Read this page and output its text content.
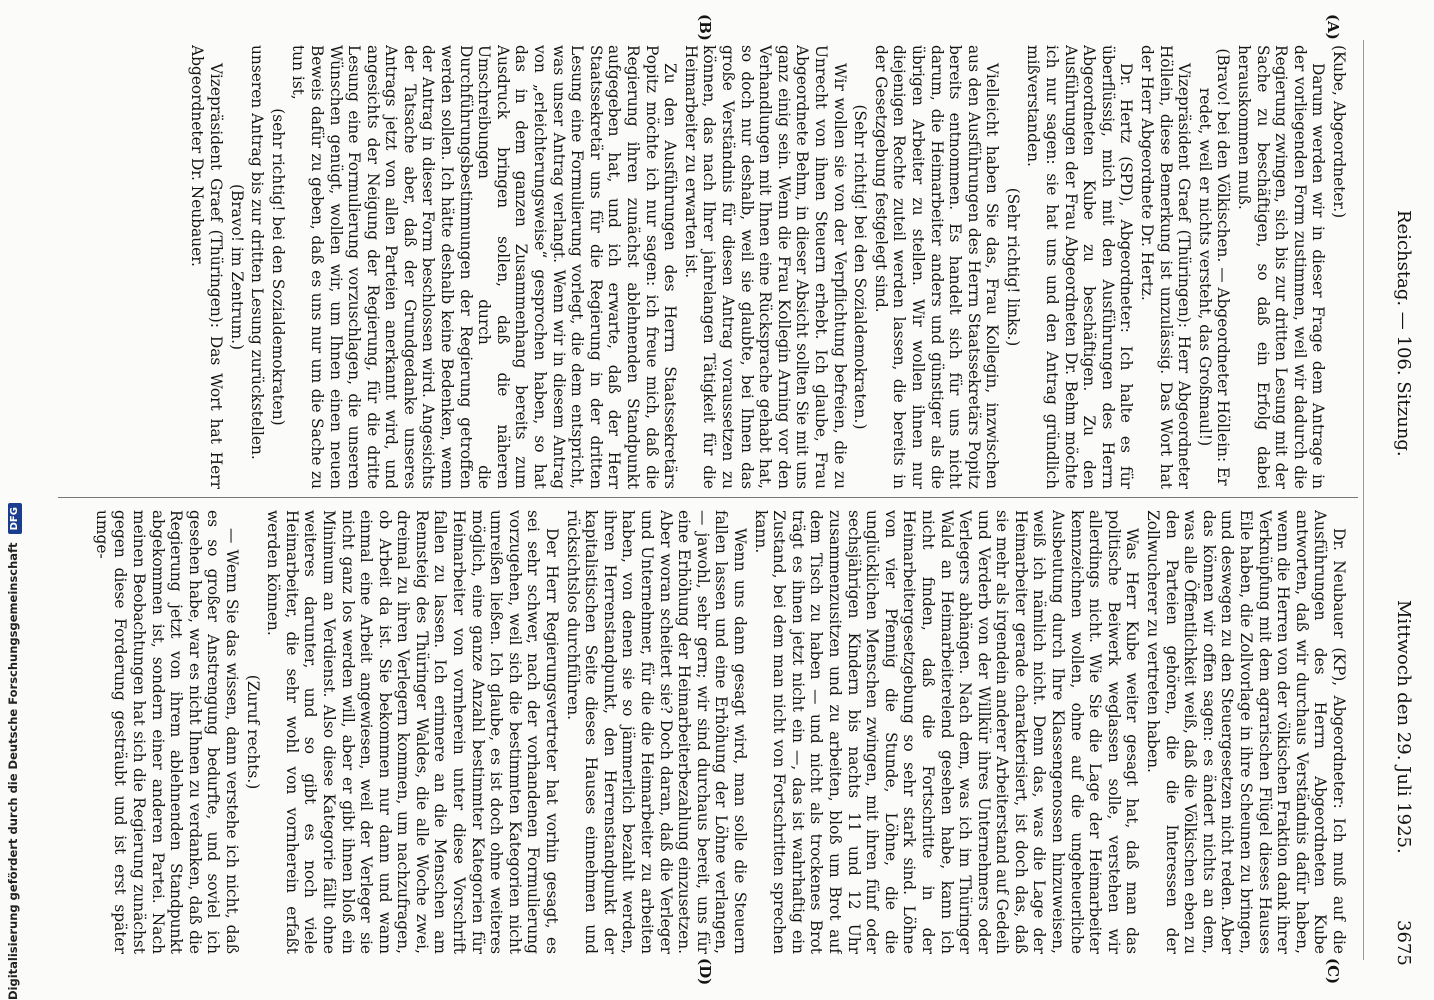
Reichstag. — 106. Sitzung.
Mittwoch den 29. Juli 1925.
3675
(A)
(B)
(C)
(D)

(Kube, Abgeordneter.)

Darum werden wir in dieser Frage dem Antrage in der vorliegenden Form zustimmen, weil wir dadurch die Regierung zwingen, sich bis zur dritten Lesung mit der Sache zu beschäftigen, so daß ein Erfolg dabei herauskommen muß.

(Bravo! bei den Völkischen. — Abgeordneter Höllein: Er redet, weil er nichts versteht, das Großmaul!)

Vizepräsident Graef (Thüringen): Herr Abgeordneter Höllein, diese Bemerkung ist unzulässig. Das Wort hat der Herr Abgeordnete Dr. Hertz.

Dr. Hertz (SPD), Abgeordneter: Ich halte es für überflüssig, mich mit den Ausführungen des Herrn Abgeordneten Kube zu beschäftigen. Zu den Ausführungen der Frau Abgeordneten Dr. Behm möchte ich nur sagen: sie hat uns und den Antrag gründlich mißverstanden.

(Sehr richtig! links.)

Vielleicht haben Sie das, Frau Kollegin, inzwischen aus den Ausführungen des Herrn Staatssekretärs Popitz bereits entnommen. Es handelt sich für uns nicht darum, die Heimarbeiter anders und günstiger als die übrigen Arbeiter zu stellen. Wir wollen ihnen nur diejenigen Rechte zuteil werden lassen, die bereits in der Gesetzgebung festgelegt sind.

(Sehr richtig! bei den Sozialdemokraten.)

Wir wollen sie von der Verpflichtung befreien, die zu Unrecht von ihnen Steuern erhebt. Ich glaube, Frau Abgeordnete Behm, in dieser Absicht sollten Sie mit uns ganz einig sein. Wenn die Frau Kollegin Arning vor den Verhandlungen mit Ihnen eine Rücksprache gehabt hat, so doch nur deshalb, weil sie glaubte, bei Ihnen das große Verständnis für diesen Antrag voraussetzen zu können, das nach Ihrer jahrelangen Tätigkeit für die Heimarbeiter zu erwarten ist.

Zu den Ausführungen des Herrn Staatssekretärs Popitz möchte ich nur sagen: ich freue mich, daß die Regierung ihren zunächst ablehnenden Standpunkt aufgegeben hat, und ich erwarte, daß der Herr Staatssekretär uns für die Regierung in der dritten Lesung eine Formulierung vorlegt, die dem entspricht, was unser Antrag verlangt. Wenn wir in diesem Antrag von „erleichterungsweise“ gesprochen haben, so hat das in dem ganzen Zusammenhang bereits zum Ausdruck bringen sollen, daß die näheren Umschreibungen durch die Durchführungsbestimmungen der Regierung getroffen werden sollen. Ich hätte deshalb keine Bedenken, wenn der Antrag in dieser Form beschlossen wird. Angesichts der Tatsache aber, daß der Grundgedanke unseres Antrags jetzt von allen Parteien anerkannt wird, und angesichts der Neigung der Regierung, für die dritte Lesung eine Formulierung vorzuschlagen, die unseren Wünschen genügt, wollen wir, um Ihnen einen neuen Beweis dafür zu geben, daß es uns nur um die Sache zu tun ist,

(sehr richtig! bei den Sozialdemokraten)

unseren Antrag bis zur dritten Lesung zurückstellen.

(Bravo! im Zentrum.)

Vizepräsident Graef (Thüringen): Das Wort hat Herr Abgeordneter Dr. Neubauer.

Dr. Neubauer (KP), Abgeordneter: Ich muß auf die Ausführungen des Herrn Abgeordneten Kube antworten, daß wir durchaus Verständnis dafür haben, wenn die Herren von der völkischen Fraktion dank ihrer Verknüpfung mit dem agrarischen Flügel dieses Hauses Eile haben, die Zollvorlage in ihre Scheunen zu bringen, und deswegen zu den Steuergesetzen nicht reden. Aber das können wir offen sagen: es ändert nichts an dem, was alle Öffentlichkeit weiß, daß die Völkischen eben zu den Parteien gehören, die die Interessen der Zollwucherer zu vertreten haben.

Was Herr Kube weiter gesagt hat, daß man das politische Beiwerk weglassen solle, verstehen wir allerdings nicht. Wie Sie die Lage der Heimarbeiter kennzeichnen wollen, ohne auf die ungeheuerliche Ausbeutung durch Ihre Klassengenossen hinzuweisen, weiß ich nämlich nicht. Denn das, was die Lage der Heimarbeiter gerade charakterisiert, ist doch das, daß sie mehr als irgendein anderer Arbeiterstand auf Gedeih und Verderb von der Willkür ihres Unternehmers oder Verlegers abhängen. Nach dem, was ich im Thüringer Wald an Heimarbeiterelend gesehen habe, kann ich nicht finden, daß die Fortschritte in der Heimarbeitergesetzgebung so sehr stark sind. Löhne von vier Pfennig die Stunde, Löhne, die die unglücklichen Menschen zwingen, mit ihren fünf oder sechsjährigen Kindern bis nachts 11 und 12 Uhr zusammenzusitzen und zu arbeiten, bloß um Brot auf dem Tisch zu haben — und nicht als trockenes Brot trägt es ihnen jetzt nicht ein —, das ist wahrhaftig ein Zustand, bei dem man nicht von Fortschritten sprechen kann.

Wenn uns dann gesagt wird, man solle die Steuern fallen lassen und eine Erhöhung der Löhne verlangen, — jawohl, sehr gern; wir sind durchaus bereit, uns für eine Erhöhung der Heimarbeiterbezahlung einzusetzen. Aber woran scheitert sie? Doch daran, daß die Verleger und Unternehmer, für die die Heimarbeiter zu arbeiten haben, von denen sie so jämmerlich bezahlt werden, ihren Herrenstandpunkt, den Herrenstandpunkt der kapitalistischen Seite dieses Hauses einnehmen und rücksichtslos durchführen.

Der Herr Regierungsvertreter hat vorhin gesagt, es sei sehr schwer, nach der vorhandenen Formulierung vorzugehen, weil sich die bestimmten Kategorien nicht umreißen ließen. Ich glaube, es ist doch ohne weiteres möglich, eine ganze Anzahl bestimmter Kategorien für Heimarbeiter von vornherein unter diese Vorschrift fallen zu lassen. Ich erinnere an die Menschen am Rennsteig des Thüringer Waldes, die alle Woche zwei, dreimal zu ihren Verlegern kommen, um nachzufragen, ob Arbeit da ist. Sie bekommen nur dann und wann einmal eine Arbeit angewiesen, weil der Verleger sie nicht ganz los werden will, aber er gibt ihnen bloß ein Minimum an Verdienst. Also diese Kategorie fällt ohne weiteres darunter, und so gibt es noch viele Heimarbeiter, die sehr wohl von vornherein erfaßt werden können.

(Zuruf rechts.)

— Wenn Sie das wissen, dann verstehe ich nicht, daß es so großer Anstrengung bedurfte, und soviel ich gesehen habe, war es nicht Ihnen zu verdanken, daß die Regierung jetzt von ihrem ablehnenden Standpunkt abgekommen ist, sondern einer anderen Partei. Nach meinen Beobachtungen hat sich die Regierung zunächst gegen diese Forderung gesträubt und ist erst später umge-

Digitalisierung gefördert durch die Deutsche Forschungsgemeinschaft DFG
